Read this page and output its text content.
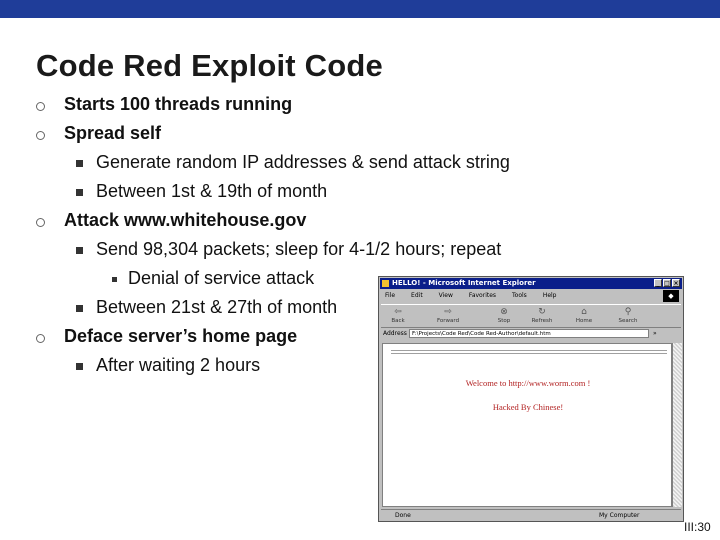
Code Red Exploit Code
Starts 100 threads running
Spread self
Generate random IP addresses & send attack string
Between 1st & 19th of month
Attack www.whitehouse.gov
Send 98,304 packets; sleep for 4-1/2 hours; repeat
Denial of service attack
Between 21st & 27th of month
Deface server’s home page
After waiting 2 hours
HELLO! - Microsoft Internet Explorer	_ □ ×
File	Edit	View	Favorites	Tools	Help	◆
⇦
Back
⇨
Forward
⊗
Stop
↻
Refresh
⌂
Home
⚲
Search
Address F:\Projects\Code Red\Code Red-Author\default.htm	»
Welcome to http://www.worm.com !
Hacked By Chinese!
Done	My Computer
III:30
